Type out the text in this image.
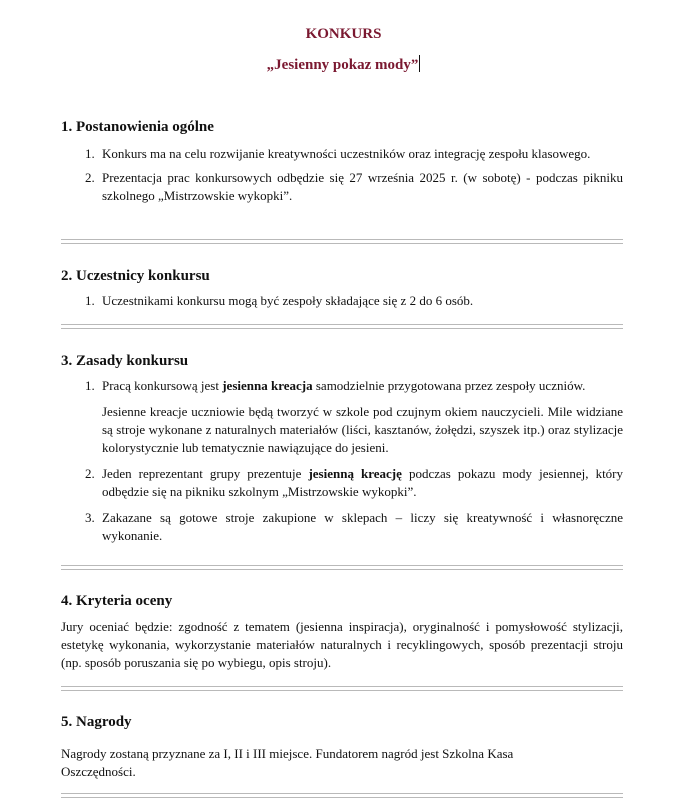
KONKURS
„Jesienny pokaz mody”
1. Postanowienia ogólne
1. Konkurs ma na celu rozwijanie kreatywności uczestników oraz integrację zespołu klasowego.
2. Prezentacja prac konkursowych odbędzie się 27 września 2025 r. (w sobotę) - podczas pikniku szkolnego „Mistrzowskie wykopki”.
2. Uczestnicy konkursu
1. Uczestnikami konkursu mogą być zespoły składające się z 2 do 6 osób.
3. Zasady konkursu
1. Pracą konkursową jest jesienna kreacja samodzielnie przygotowana przez zespoły uczniów.
Jesienne kreacje uczniowie będą tworzyć w szkole pod czujnym okiem nauczycieli. Mile widziane są stroje wykonane z naturalnych materiałów (liści, kasztanów, żołędzi, szyszek itp.) oraz stylizacje kolorystycznie lub tematycznie nawiązujące do jesieni.
2. Jeden reprezentant grupy prezentuje jesienną kreację podczas pokazu mody jesiennej, który odbędzie się na pikniku szkolnym „Mistrzowskie wykopki”.
3. Zakazane są gotowe stroje zakupione w sklepach – liczy się kreatywność i własnoręczne wykonanie.
4. Kryteria oceny
Jury oceniać będzie: zgodność z tematem (jesienna inspiracja), oryginalność i pomysłowość stylizacji, estetykę wykonania, wykorzystanie materiałów naturalnych i recyklingowych, sposób prezentacji stroju (np. sposób poruszania się po wybiegu, opis stroju).
5. Nagrody
Nagrody zostaną przyznane za I, II i III miejsce. Fundatorem nagród jest Szkolna Kasa Oszczędności.
